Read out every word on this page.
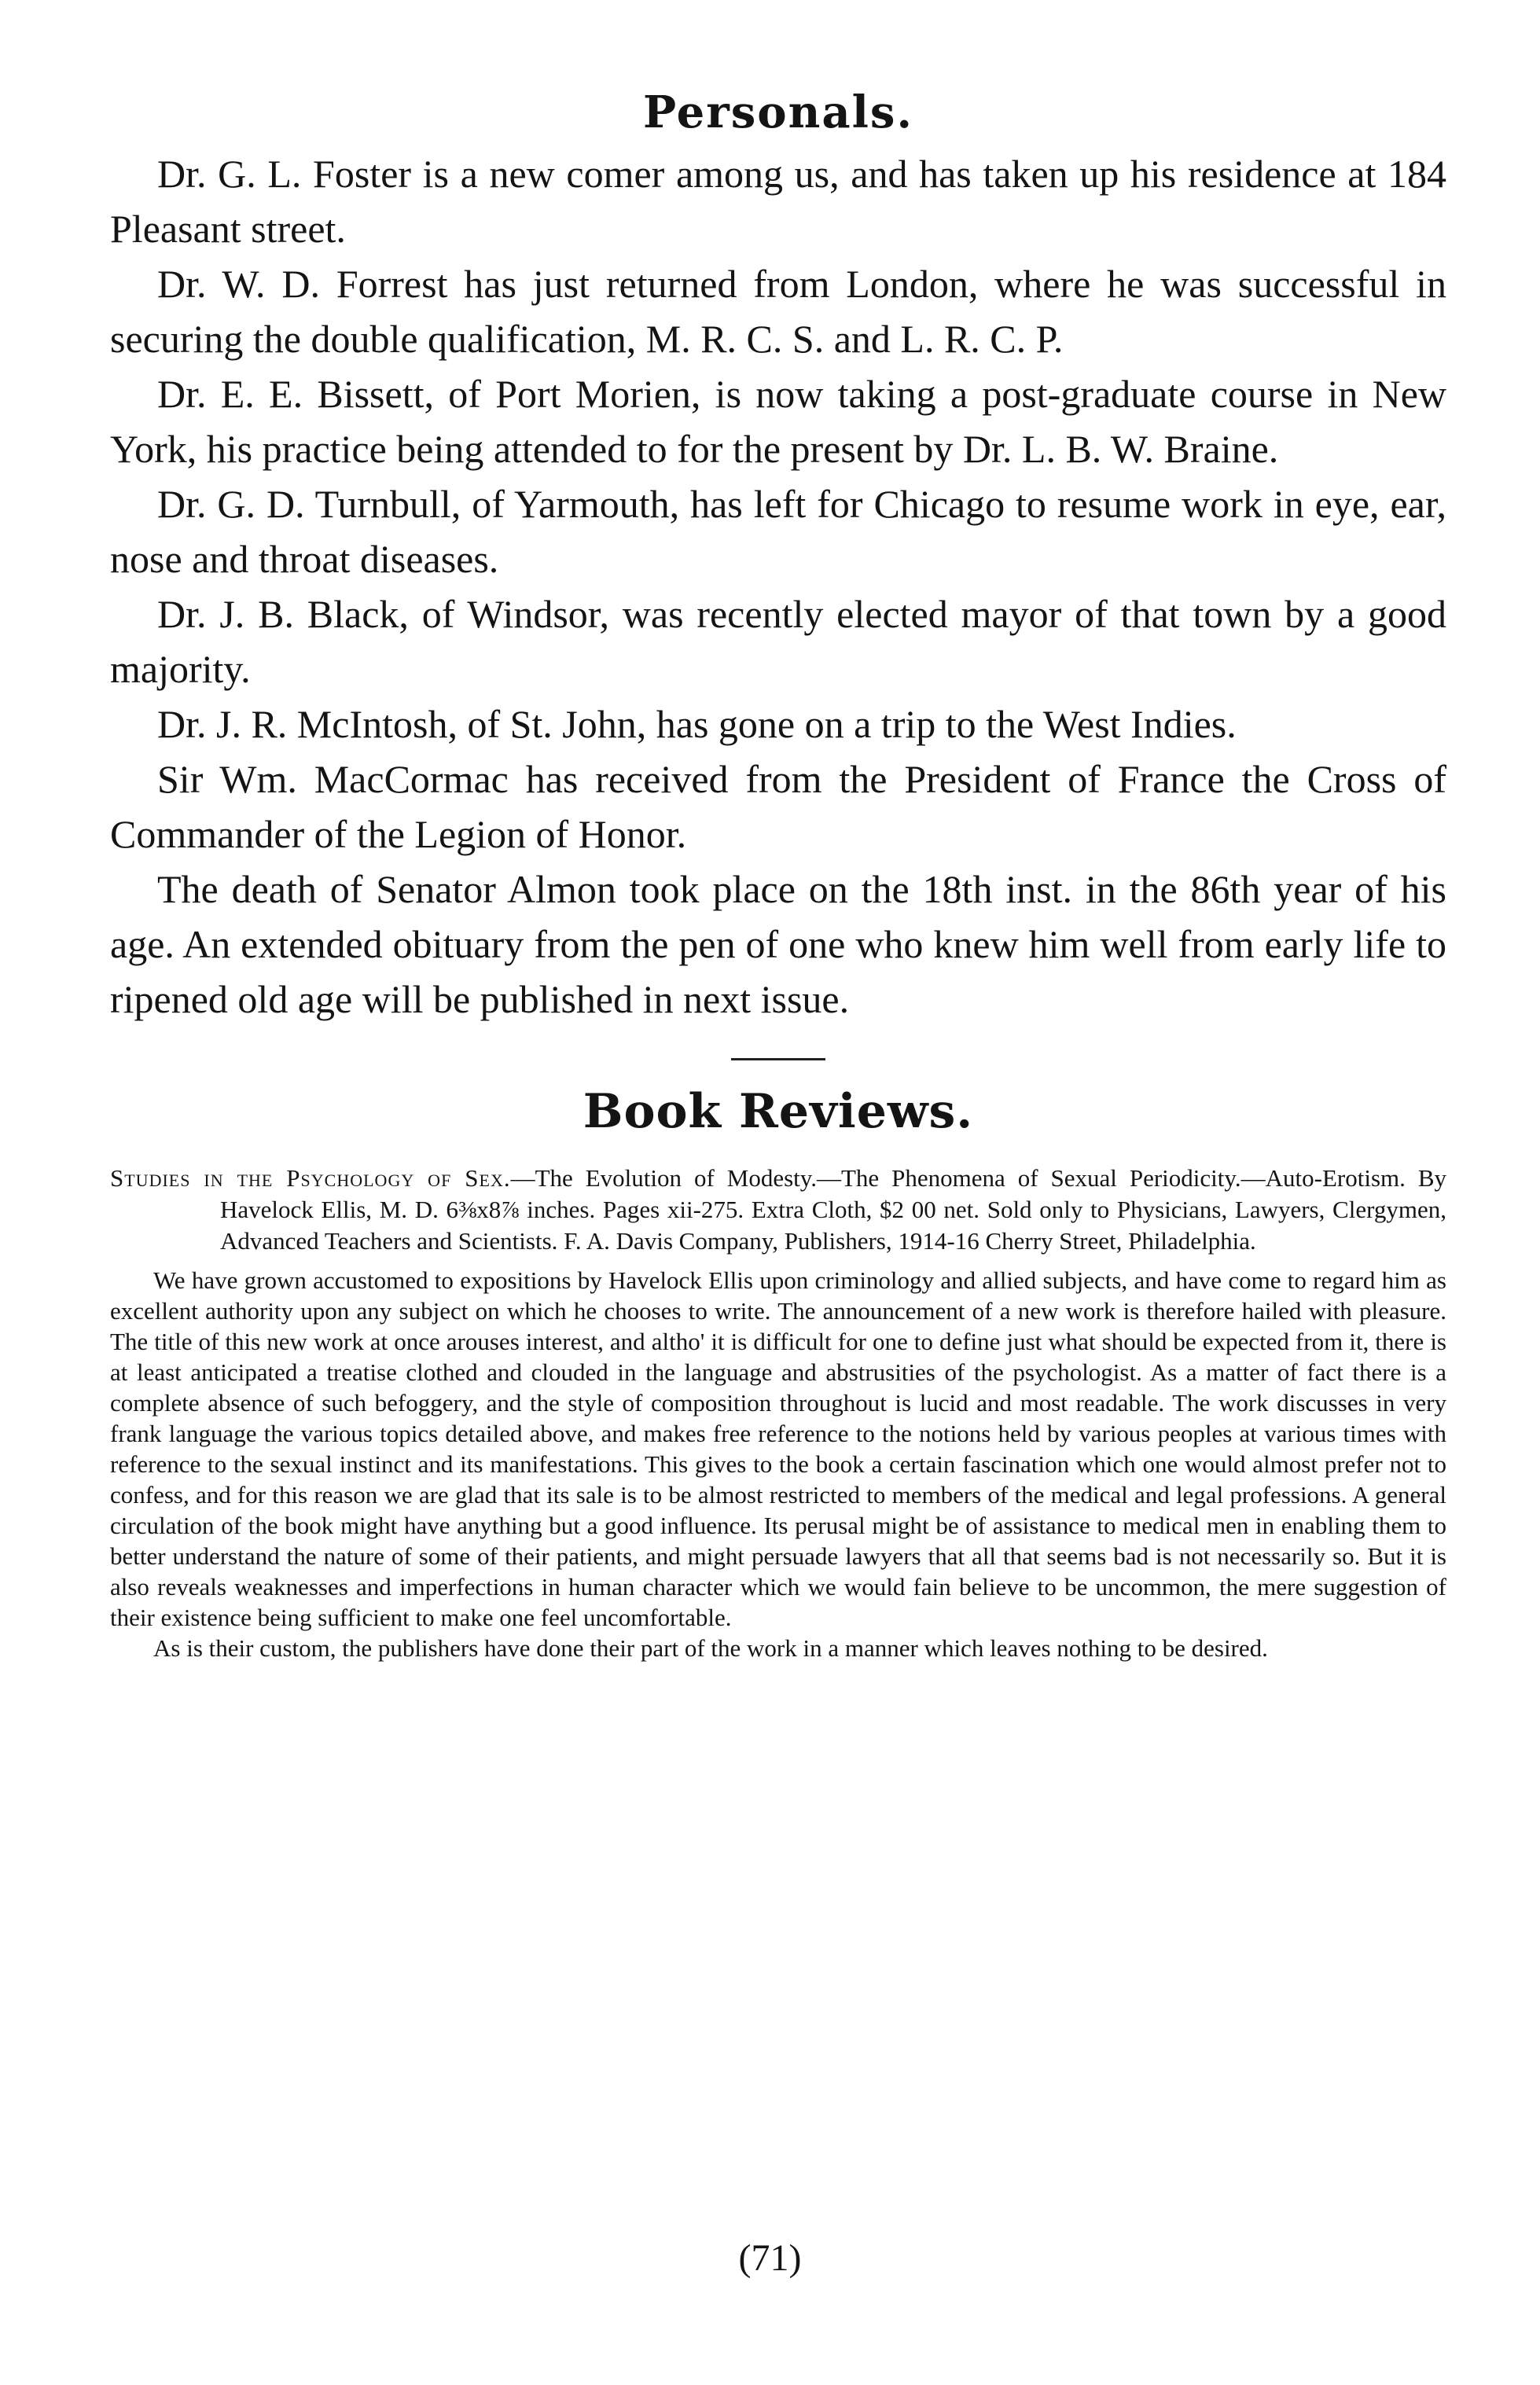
Personals.

Dr. G. L. Foster is a new comer among us, and has taken up his residence at 184 Pleasant street.

Dr. W. D. Forrest has just returned from London, where he was successful in securing the double qualification, M. R. C. S. and L. R. C. P.

Dr. E. E. Bissett, of Port Morien, is now taking a post-graduate course in New York, his practice being attended to for the present by Dr. L. B. W. Braine.

Dr. G. D. Turnbull, of Yarmouth, has left for Chicago to resume work in eye, ear, nose and throat diseases.

Dr. J. B. Black, of Windsor, was recently elected mayor of that town by a good majority.

Dr. J. R. McIntosh, of St. John, has gone on a trip to the West Indies.

Sir Wm. MacCormac has received from the President of France the Cross of Commander of the Legion of Honor.

The death of Senator Almon took place on the 18th inst. in the 86th year of his age. An extended obituary from the pen of one who knew him well from early life to ripened old age will be published in next issue.

Book Reviews.

Studies in the Psychology of Sex.—The Evolution of Modesty.—The Phenomena of Sexual Periodicity.—Auto-Erotism. By Havelock Ellis, M. D. 6⅜x8⅞ inches. Pages xii-275. Extra Cloth, $2 00 net. Sold only to Physicians, Lawyers, Clergymen, Advanced Teachers and Scientists. F. A. Davis Company, Publishers, 1914-16 Cherry Street, Philadelphia.

We have grown accustomed to expositions by Havelock Ellis upon criminology and allied subjects, and have come to regard him as excellent authority upon any subject on which he chooses to write. The announcement of a new work is therefore hailed with pleasure. The title of this new work at once arouses interest, and altho' it is difficult for one to define just what should be expected from it, there is at least anticipated a treatise clothed and clouded in the language and abstrusities of the psychologist. As a matter of fact there is a complete absence of such befoggery, and the style of composition throughout is lucid and most readable. The work discusses in very frank language the various topics detailed above, and makes free reference to the notions held by various peoples at various times with reference to the sexual instinct and its manifestations. This gives to the book a certain fascination which one would almost prefer not to confess, and for this reason we are glad that its sale is to be almost restricted to members of the medical and legal professions. A general circulation of the book might have anything but a good influence. Its perusal might be of assistance to medical men in enabling them to better understand the nature of some of their patients, and might persuade lawyers that all that seems bad is not necessarily so. But it is also reveals weaknesses and imperfections in human character which we would fain believe to be uncommon, the mere suggestion of their existence being sufficient to make one feel uncomfortable.

As is their custom, the publishers have done their part of the work in a manner which leaves nothing to be desired.

(71)
